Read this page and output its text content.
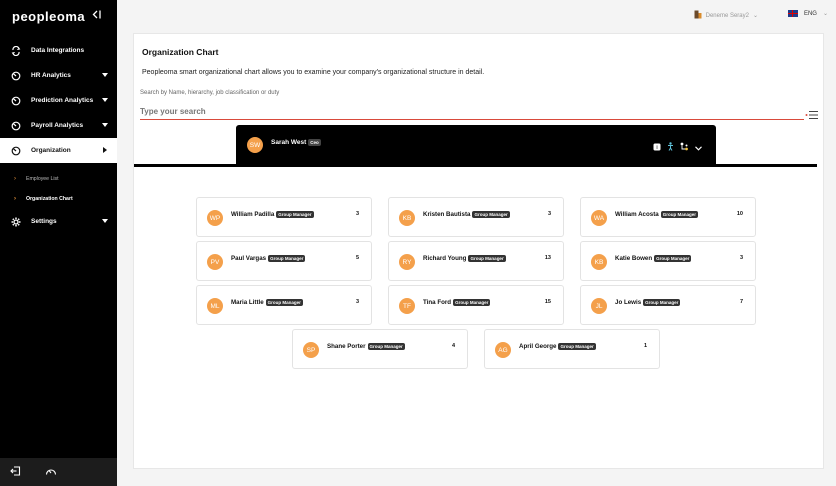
peopleoma
Data Integrations
HR Analytics
Prediction Analytics
Payroll Analytics
Organization
› Employee List
› Organization Chart
Settings
Deneme Seray2 ⌄	ENG ⌄
Organization Chart
Peopleoma smart organizational chart allows you to examine your company's organizational structure in detail.
Search by Name, hierarchy, job classification or duty
Type your search
SW	Sarah West Ceo
i
WP	William Padilla Group Manager	3
KB	Kristen Bautista Group Manager	3
WA	William Acosta Group Manager	10
PV	Paul Vargas Group Manager	5
RY	Richard Young Group Manager	13
KB	Katie Bowen Group Manager	3
ML	Maria Little Group Manager	3
TF	Tina Ford Group Manager	15
JL	Jo Lewis Group Manager	7
SP	Shane Porter Group Manager	4
AG	April George Group Manager	1
